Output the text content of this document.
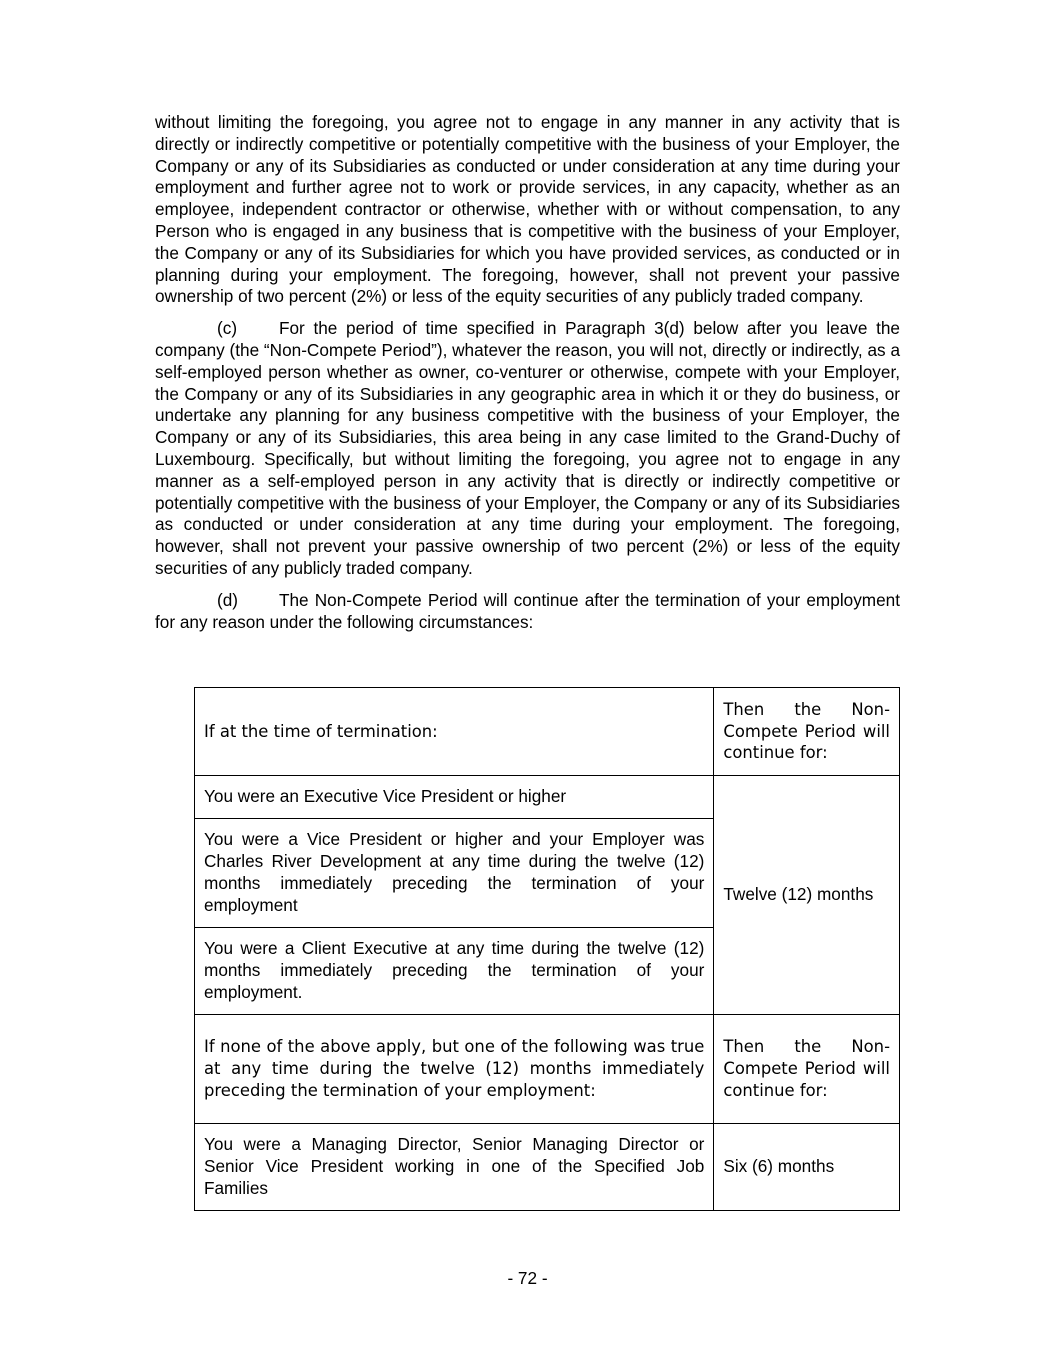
without limiting the foregoing, you agree not to engage in any manner in any activity that is directly or indirectly competitive or potentially competitive with the business of your Employer, the Company or any of its Subsidiaries as conducted or under consideration at any time during your employment and further agree not to work or provide services, in any capacity, whether as an employee, independent contractor or otherwise, whether with or without compensation, to any Person who is engaged in any business that is competitive with the business of your Employer, the Company or any of its Subsidiaries for which you have provided services, as conducted or in planning during your employment. The foregoing, however, shall not prevent your passive ownership of two percent (2%) or less of the equity securities of any publicly traded company.

(c) For the period of time specified in Paragraph 3(d) below after you leave the company (the “Non-Compete Period”), whatever the reason, you will not, directly or indirectly, as a self-employed person whether as owner, co-venturer or otherwise, compete with your Employer, the Company or any of its Subsidiaries in any geographic area in which it or they do business, or undertake any planning for any business competitive with the business of your Employer, the Company or any of its Subsidiaries, this area being in any case limited to the Grand-Duchy of Luxembourg. Specifically, but without limiting the foregoing, you agree not to engage in any manner as a self-employed person in any activity that is directly or indirectly competitive or potentially competitive with the business of your Employer, the Company or any of its Subsidiaries as conducted or under consideration at any time during your employment. The foregoing, however, shall not prevent your passive ownership of two percent (2%) or less of the equity securities of any publicly traded company.

(d) The Non-Compete Period will continue after the termination of your employment for any reason under the following circumstances:

If at the time of termination:	Then the Non-Compete Period will continue for:
You were an Executive Vice President or higher	Twelve (12) months
You were a Vice President or higher and your Employer was Charles River Development at any time during the twelve (12) months immediately preceding the termination of your employment	
You were a Client Executive at any time during the twelve (12) months immediately preceding the termination of your employment.	
If none of the above apply, but one of the following was true at any time during the twelve (12) months immediately preceding the termination of your employment:	Then the Non-Compete Period will continue for:
You were a Managing Director, Senior Managing Director or Senior Vice President working in one of the Specified Job Families	Six (6) months
- 72 -
